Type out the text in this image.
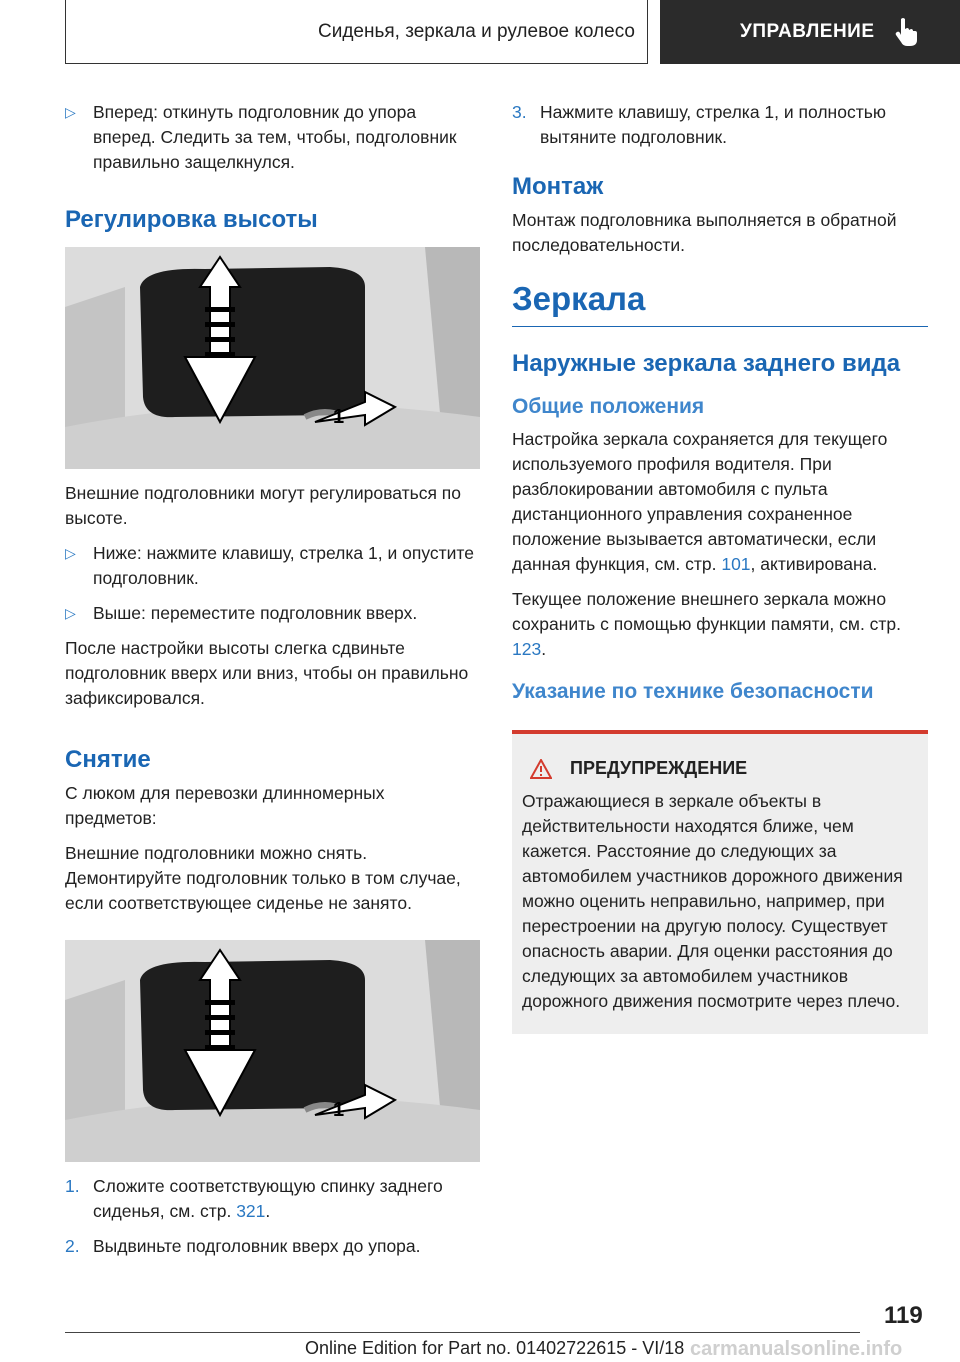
Сиденья, зеркала и рулевое колесо	УПРАВЛЕНИЕ
▷ Вперед: откинуть подголовник до упора вперед. Следить за тем, чтобы, подголовник правильно защелкнулся.
Регулировка высоты
1

Внешние подголовники могут регулироваться по высоте.

▷ Ниже: нажмите клавишу, стрелка 1, и опустите подголовник.
▷ Выше: переместите подголовник вверх.

После настройки высоты слегка сдвиньте подголовник вверх или вниз, чтобы он правильно зафиксировался.

Снятие

С люком для перевозки длинномерных предметов:

Внешние подголовники можно снять. Демонтируйте подголовник только в том случае, если соответствующее сиденье не занято.

1
1. Сложите соответствующую спинку заднего сиденья, см. стр. 321.
2. Выдвиньте подголовник вверх до упора.
3. Нажмите клавишу, стрелка 1, и полностью вытяните подголовник.
Монтаж

Монтаж подголовника выполняется в обратной последовательности.

Зеркала
Наружные зеркала заднего вида
Общие положения

Настройка зеркала сохраняется для текущего используемого профиля водителя. При разблокировании автомобиля с пульта дистанционного управления сохраненное положение вызывается автоматически, если данная функция, см. стр. 101, активирована.

Текущее положение внешнего зеркала можно сохранить с помощью функции памяти, см. стр. 123.

Указание по технике безопасности
ПРЕДУПРЕЖДЕНИЕ
Отражающиеся в зеркале объекты в действительности находятся ближе, чем кажется. Расстояние до следующих за автомобилем участников дорожного движения можно оценить неправильно, например, при перестроении на другую полосу. Существует опасность аварии. Для оценки расстояния до следующих за автомобилем участников дорожного движения посмотрите через плечо.
119
Online Edition for Part no. 01402722615 - VI/18 carmanualsonline.info
